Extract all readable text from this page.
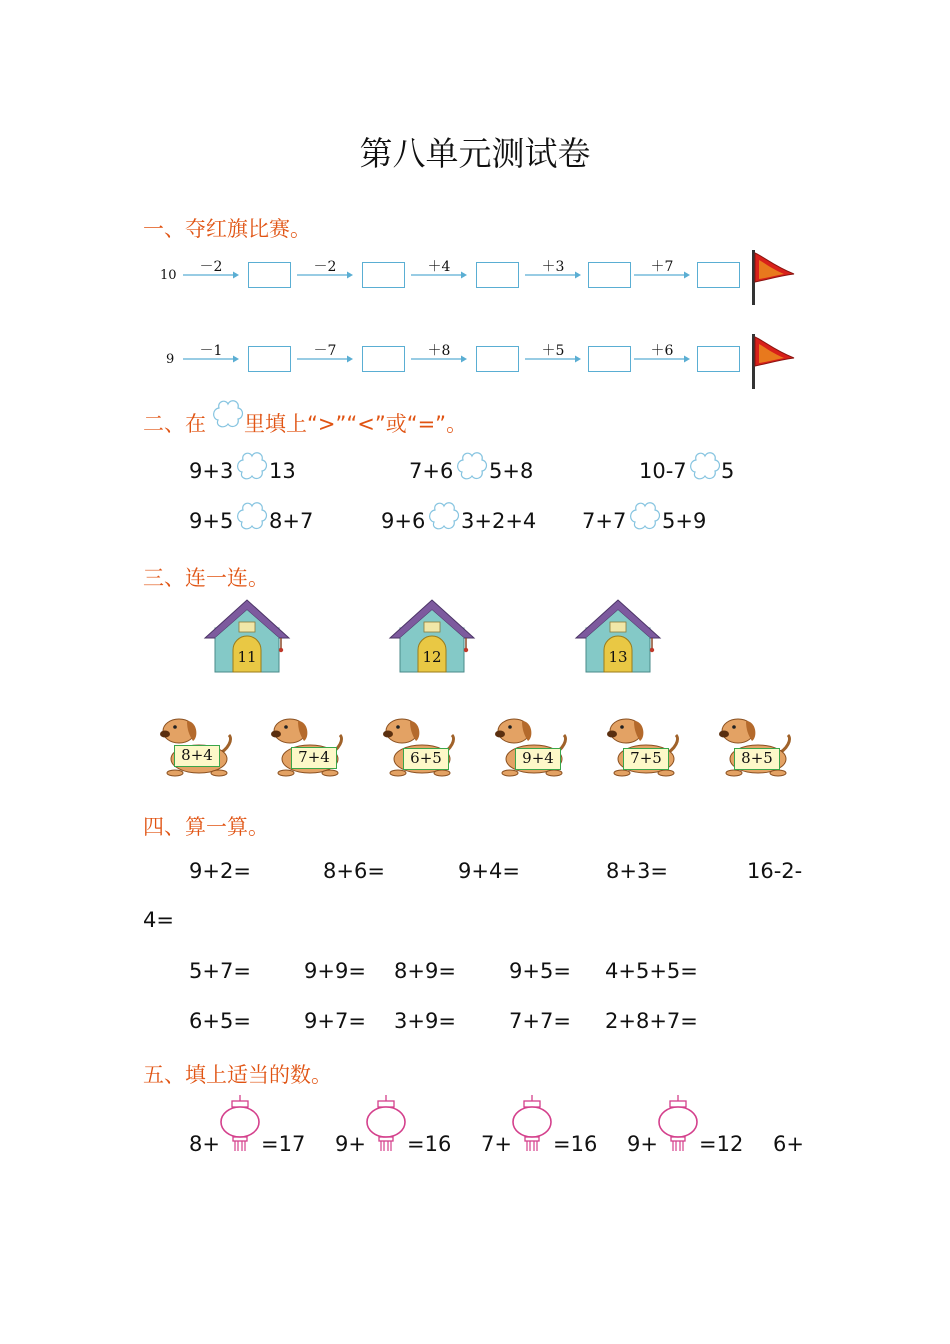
第八单元测试卷
一、夺红旗比赛。
10
－2	－2	＋4	＋3	＋7
9
－1	－7	＋8	＋5	＋6
二、在 里填上“>”“<”或“=”。
9+3 13	7+6 5+8	10-7 5
9+5 8+7	9+6 3+2+4 7+7 5+9
三、连一连。
11	12	13
8+4	7+4	6+5	9+4	7+5	8+5
四、算一算。
9+2=	8+6=	9+4=	8+3=	16-2-
4=
5+7=	9+9= 8+9=	9+5= 4+5+5=
6+5=	9+7= 3+9=	7+7= 2+8+7=
五、填上适当的数。
8+ =17 9+ =16 7+ =16 9+ =12 6+
